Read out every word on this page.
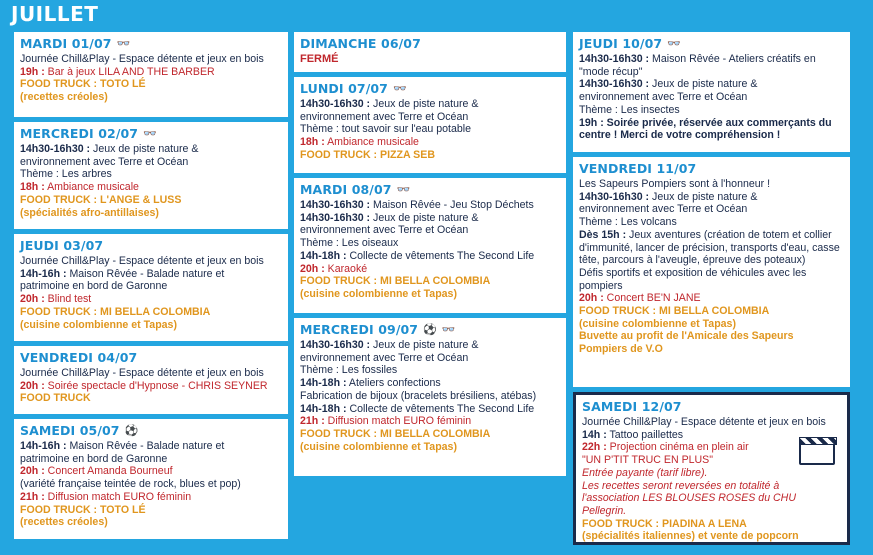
JUILLET
MARDI 01/07 👓
Journée Chill&Play - Espace détente et jeux en bois
19h : Bar à jeux LILA AND THE BARBER
FOOD TRUCK : TOTO LÉ
(recettes créoles)
MERCREDI 02/07 👓
14h30-16h30 : Jeux de piste nature &
environnement avec Terre et Océan
Thème : Les arbres
18h : Ambiance musicale
FOOD TRUCK : L'ANGE & LUSS
(spécialités afro-antillaises)
JEUDI 03/07
Journée Chill&Play - Espace détente et jeux en bois
14h-16h : Maison Rêvée - Balade nature et
patrimoine en bord de Garonne
20h : Blind test
FOOD TRUCK : MI BELLA COLOMBIA
(cuisine colombienne et Tapas)
VENDREDI 04/07
Journée Chill&Play - Espace détente et jeux en bois
20h : Soirée spectacle d'Hypnose - CHRIS SEYNER
FOOD TRUCK
SAMEDI 05/07 ⚽
14h-16h : Maison Rêvée - Balade nature et
patrimoine en bord de Garonne
20h : Concert Amanda Bourneuf
(variété française teintée de rock, blues et pop)
21h : Diffusion match EURO féminin
FOOD TRUCK : TOTO LÉ
(recettes créoles)
DIMANCHE 06/07
FERMÉ
LUNDI 07/07 👓
14h30-16h30 : Jeux de piste nature &
environnement avec Terre et Océan
Thème : tout savoir sur l'eau potable
18h : Ambiance musicale
FOOD TRUCK : PIZZA SEB
MARDI 08/07 👓
14h30-16h30 : Maison Rêvée - Jeu Stop Déchets
14h30-16h30 : Jeux de piste nature &
environnement avec Terre et Océan
Thème : Les oiseaux
14h-18h : Collecte de vêtements The Second Life
20h : Karaoké
FOOD TRUCK : MI BELLA COLOMBIA
(cuisine colombienne et Tapas)
MERCREDI 09/07 ⚽ 👓
14h30-16h30 : Jeux de piste nature &
environnement avec Terre et Océan
Thème : Les fossiles
14h-18h : Ateliers confections
Fabrication de bijoux (bracelets brésiliens, atébas)
14h-18h : Collecte de vêtements The Second Life
21h : Diffusion match EURO féminin
FOOD TRUCK : MI BELLA COLOMBIA
(cuisine colombienne et Tapas)
JEUDI 10/07 👓
14h30-16h30 : Maison Rêvée - Ateliers créatifs en
"mode récup"
14h30-16h30 : Jeux de piste nature &
environnement avec Terre et Océan
Thème : Les insectes
19h : Soirée privée, réservée aux commerçants du
centre ! Merci de votre compréhension !
VENDREDI 11/07
Les Sapeurs Pompiers sont à l'honneur !
14h30-16h30 : Jeux de piste nature &
environnement avec Terre et Océan
Thème : Les volcans
Dès 15h : Jeux aventures (création de totem et collier d'immunité, lancer de précision, transports d'eau, casse tête, parcours à l'aveugle, épreuve des poteaux)
Défis sportifs et exposition de véhicules avec les pompiers
20h : Concert BE'N JANE
FOOD TRUCK : MI BELLA COLOMBIA
(cuisine colombienne et Tapas)
Buvette au profit de l'Amicale des Sapeurs
Pompiers de V.O
SAMEDI 12/07
Journée Chill&Play - Espace détente et jeux en bois
14h : Tattoo paillettes
22h : Projection cinéma en plein air
"UN P'TIT TRUC EN PLUS"
Entrée payante (tarif libre).
Les recettes seront reversées en totalité à
l'association LES BLOUSES ROSES du CHU Pellegrin.
FOOD TRUCK : PIADINA A LENA
(spécialités italiennes) et vente de popcorn
